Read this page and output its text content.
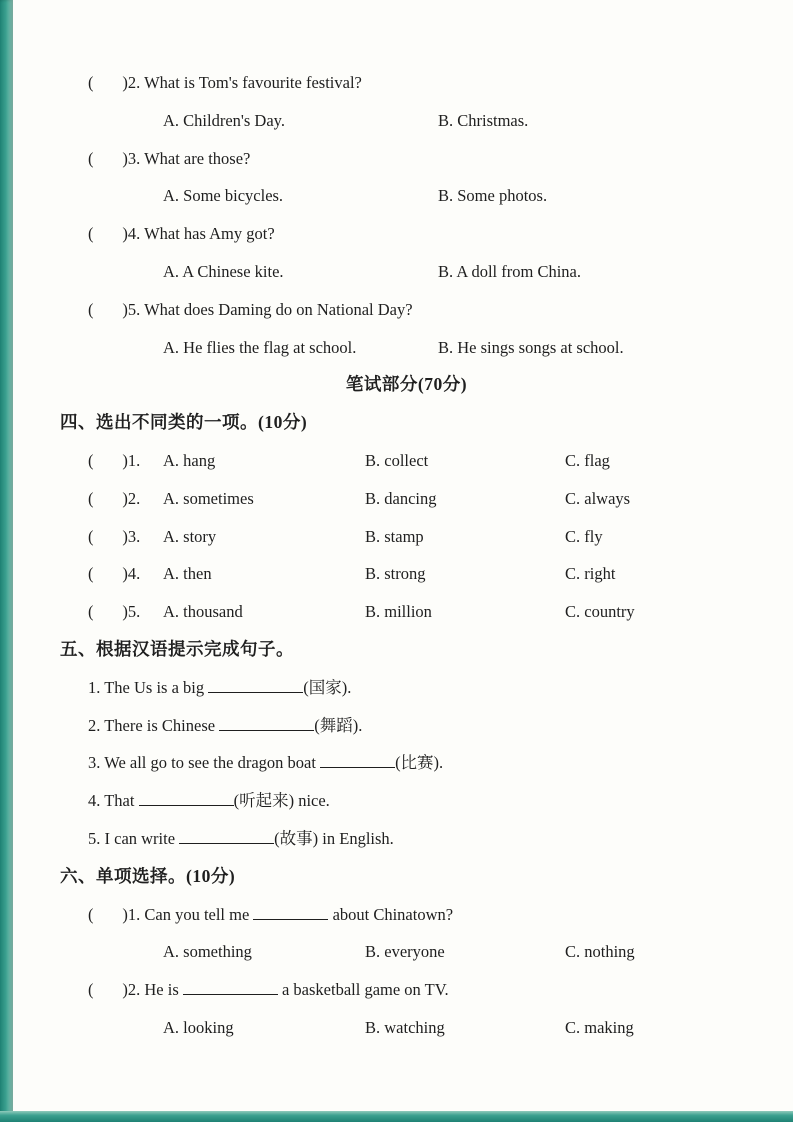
(       )2. What is Tom's favourite festival?
A. Children's Day.	B. Christmas.
(       )3. What are those?
A. Some bicycles.	B. Some photos.
(       )4. What has Amy got?
A. A Chinese kite.	B. A doll from China.
(       )5. What does Daming do on National Day?
A. He flies the flag at school.	B. He sings songs at school.
笔试部分(70分)
四、选出不同类的一项。(10分)
(       )1. A. hang	B. collect	C. flag
(       )2. A. sometimes	B. dancing	C. always
(       )3. A. story	B. stamp	C. fly
(       )4. A. then	B. strong	C. right
(       )5. A. thousand	B. million	C. country
五、根据汉语提示完成句子。
1. The Us is a big	(国家).
2. There is Chinese	(舞蹈).
3. We all go to see the dragon boat	(比赛).
4. That	(听起来) nice.
5. I can write	(故事) in English.
六、单项选择。(10分)
(       )1. Can you tell me	about Chinatown?
A. something	B. everyone	C. nothing
(       )2. He is	a basketball game on TV.
A. looking	B. watching	C. making
